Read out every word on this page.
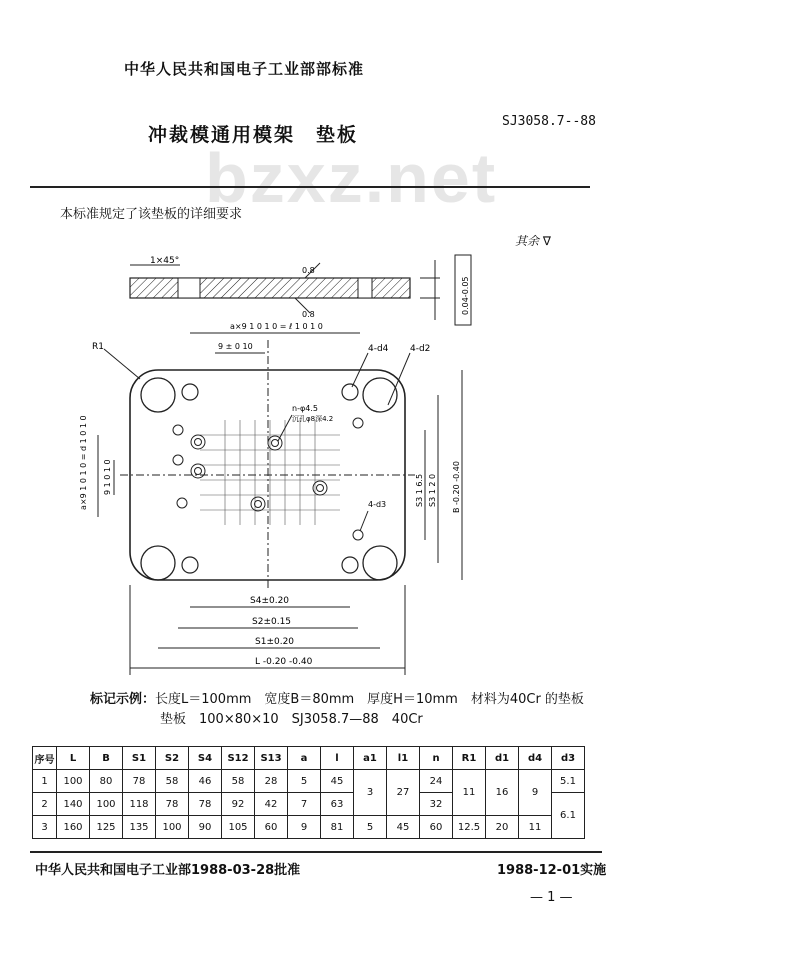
bzxz.net
中华人民共和国电子工业部部标准
冲裁模通用模架　垫板
SJ3058.7--88
本标准规定了该垫板的详细要求
其余 ∇
1×45°
0.8
0.8	0.04-0.05
a×9 1 0 1 0 = ℓ 1 0 1 0
9 ± 0 10
R1	4-d4 4-d2
n-φ4.5
沉孔φ8深4.2
4-d3
a×9 1 0 1 0 = d 1 0 1 0 9 1 0 1 0	S3 1 6.5 S3 1 2 0 B -0.20 -0.40
S4±0.20
S2±0.15
S1±0.20
L -0.20 -0.40
标记示例：长度L＝100mm　宽度B＝80mm　厚度H＝10mm　材料为40Cr 的垫板
垫板　100×80×10　SJ3058.7—88　40Cr
序号	L	B	S1	S2	S4	S12	S13	a	l	a1	l1	n	R1	d1	d4	d3
1	100	80	78	58	46	58	28	5	45	3	27	24	11	16	9	5.1
2	140	100	118	78	78	92	42	7	63			32				6.1
3	160	125	135	100	90	105	60	9	81	5	45	60	12.5	20	11	
中华人民共和国电子工业部1988-03-28批准	1988-12-01实施
— 1 —
